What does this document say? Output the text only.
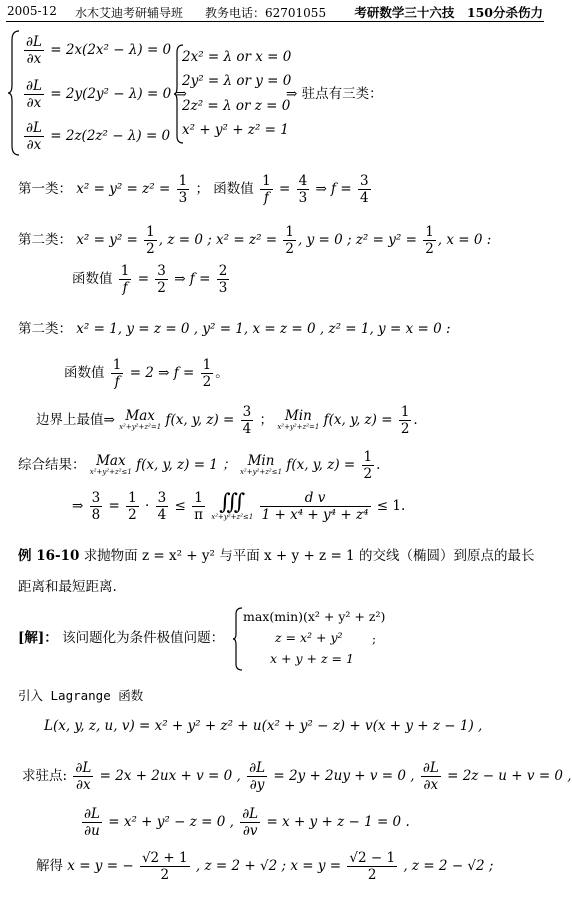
2005-12 水木艾迪考研辅导班 教务电话：62701055 考研数学三十六技　150分杀伤力
$\frac{\partial L}{\partial x} = 2x(2x^2 - \lambda) = 0$
$\frac{\partial L}{\partial x} = 2y(2y^2 - \lambda) = 0$ ⇒
$\frac{\partial L}{\partial x} = 2z(2z^2 - \lambda) = 0$
2x² = λ or x = 0
2y² = λ or y = 0
2z² = λ or z = 0
x² + y² + z² = 1
⇒ 驻点有三类：
第一类： $x^2 = y^2 = z^2 = \frac{1}{3}$ ； 函数值 $\frac{1}{f} = \frac{4}{3}$ ⇒ $f = \frac{3}{4}$
第二类： $x^2 = y^2 = \frac{1}{2}$ , z = 0 ; $x^2 = z^2 = \frac{1}{2}$ , y = 0 ; $z^2 = y^2 = \frac{1}{2}$ , x = 0 :
函数值 $\frac{1}{f} = \frac{3}{2}$ ⇒ $f = \frac{2}{3}$
第二类： x² = 1, y = z = 0 , y² = 1, x = z = 0 , z² = 1, y = x = 0 :
函数值 $\frac{1}{f} = 2$ ⇒ $f = \frac{1}{2}$ 。
边界上最值⇒ Max
x²+y²+z²=1 f(x, y, $z) = \frac{3}{4}$ ； Min
x²+y²+z²=1 f(x, y, $z) = \frac{1}{2}$ .
综合结果： Max
x²+y²+z²≤1 f(x, y, z) = 1 ； Min
x²+y²+z²≤1 f(x, y, $z) = \frac{1}{2}$ .
⇒ $\frac{3}{8} = \frac{1}{2} \cdot \frac{3}{4} \le \frac{1}{\pi}$
∭
x²+y²+z²≤1
$\frac{\text{d v}}{\text{1 + x⁴ + y⁴ + z⁴}} \le 1$.
例 16-10 求抛物面 z = x² + y² 与平面 x + y + z = 1 的交线（椭圆）到原点的最长
距离和最短距离.
[解]： 该问题化为条件极值问题：
max(min)(x² + y² + z²)
z = x² + y²
x + y + z = 1
;
引入 Lagrange 函数
L(x, y, z, u, v) = x² + y² + z² + u(x² + y² − z) + v(x + y + z − 1) ,
求驻点: $\frac{\partial L}{\partial x} = 2x + 2ux + v = 0$ , $\frac{\partial L}{\partial y} = 2y + 2uy + v = 0$ , $\frac{\partial L}{\partial x} = 2z - u + v = 0$ ,
$\frac{\partial L}{\partial u} = x^2 + y^2 - z = 0$ , $\frac{\partial L}{\partial v} = x + y + z - 1 = 0$ .
解得 x = y = − $\frac{√2 + 1}{2}$ , z = 2 + √2 ; $x = y = \frac{√2 - 1}{2}$ , z = 2 − √2 ;
